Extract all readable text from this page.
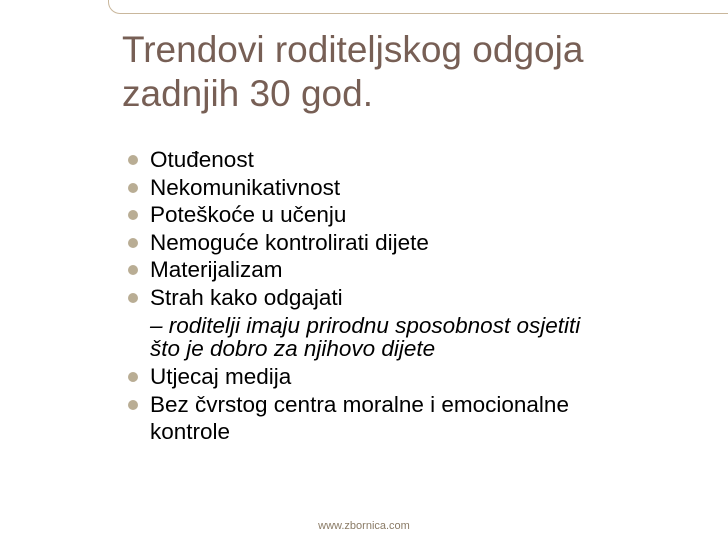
Trendovi roditeljskog odgoja
zadnjih 30 god.
Otuđenost
Nekomunikativnost
Poteškoće u učenju
Nemoguće kontrolirati dijete
Materijalizam
Strah kako odgajati
– roditelji imaju prirodnu sposobnost osjetiti
što je dobro za njihovo dijete
Utjecaj medija
Bez čvrstog centra moralne i emocionalne
kontrole
www.zbornica.com
